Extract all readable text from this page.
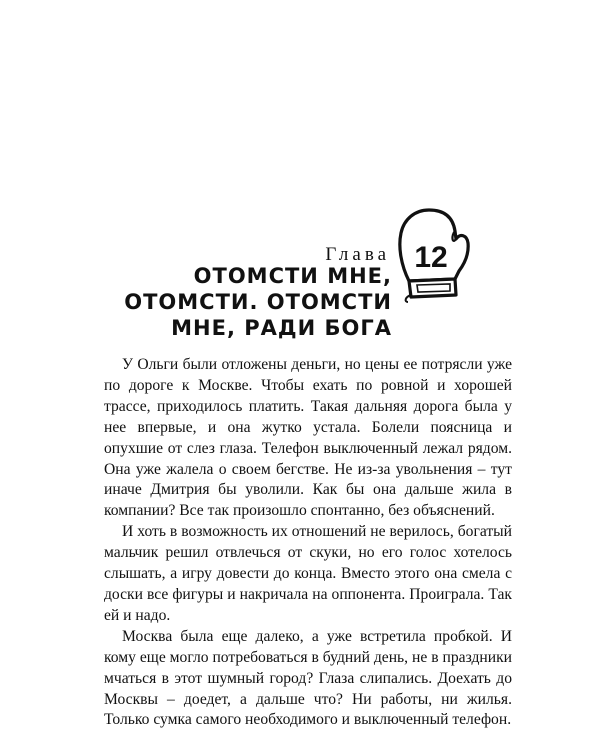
Глава 12
ОТОМСТИ МНЕ,
ОТОМСТИ. ОТОМСТИ
МНЕ, РАДИ БОГА

У Ольги были отложены деньги, но цены ее потрясли уже по дороге к Москве. Чтобы ехать по ровной и хорошей трассе, приходилось платить. Такая дальняя дорога была у нее впервые, и она жутко устала. Болели поясница и опухшие от слез глаза. Телефон выключенный лежал рядом. Она уже жалела о своем бегстве. Не из-за увольнения – тут иначе Дмитрия бы уволили. Как бы она дальше жила в компании? Все так произошло спонтанно, без объяснений.

И хоть в возможность их отношений не верилось, богатый мальчик решил отвлечься от скуки, но его голос хотелось слышать, а игру довести до конца. Вместо этого она смела с доски все фигуры и накричала на оппонента. Проиграла. Так ей и надо.

Москва была еще далеко, а уже встретила пробкой. И кому еще могло потребоваться в будний день, не в праздники мчаться в этот шумный город? Глаза слипались. Доехать до Москвы – доедет, а дальше что? Ни работы, ни жилья. Только сумка самого необходимого и выключенный телефон.
